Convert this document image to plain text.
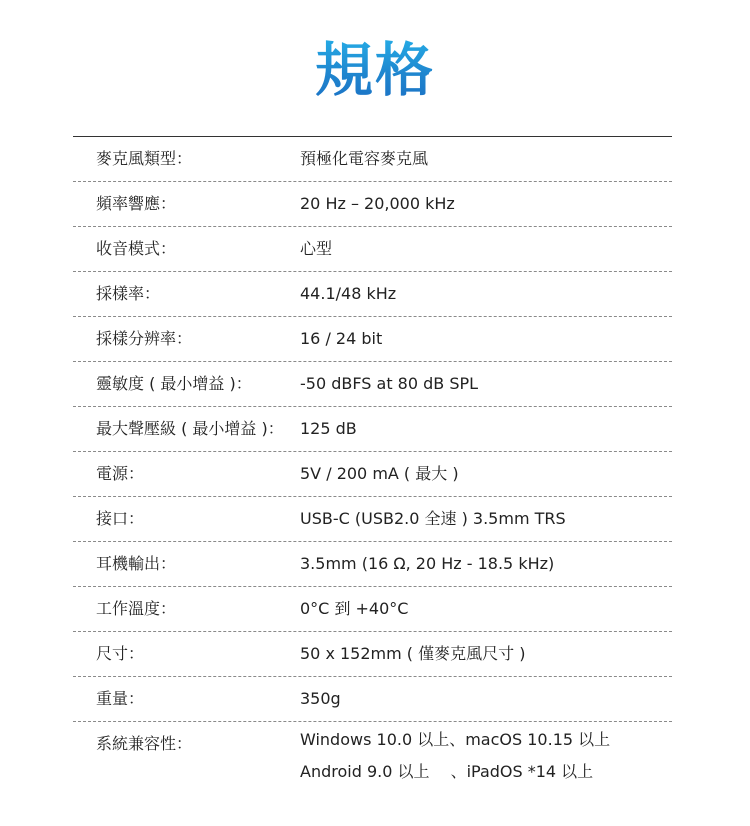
規格
麥克風類型：	預極化電容麥克風
頻率響應：	20 Hz – 20,000 kHz
收音模式：	心型
採樣率：	44.1/48 kHz
採樣分辨率：	16 / 24 bit
靈敏度 ( 最小增益 )：	-50 dBFS at 80 dB SPL
最大聲壓級 ( 最小增益 )： 125 dB
電源：	5V / 200 mA ( 最大 )
接口：	USB-C (USB2.0 全速 ) 3.5mm TRS
耳機輸出：	3.5mm (16 Ω, 20 Hz - 18.5 kHz)
工作溫度：	0°C 到 +40°C
尺寸：	50 x 152mm ( 僅麥克風尺寸 )
重量：	350g
系統兼容性：	Windows 10.0 以上、macOS 10.15 以上
Android 9.0 以上　 、iPadOS *14 以上
